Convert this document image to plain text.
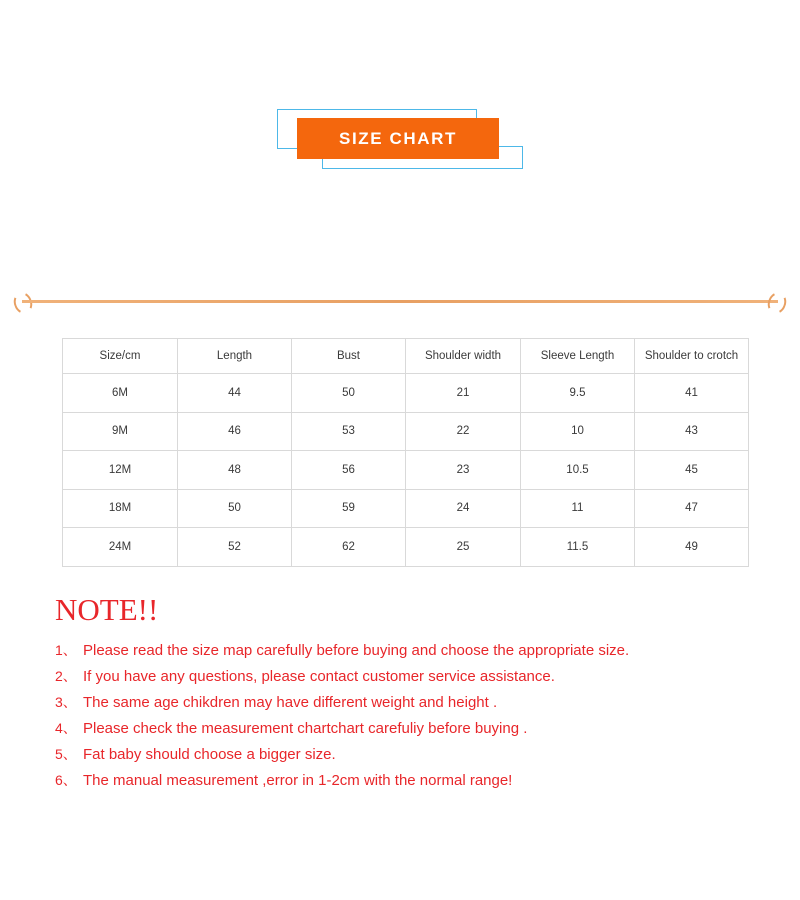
SIZE CHART
Size/cm	Length	Bust	Shoulder width	Sleeve Length	Shoulder to crotch
6M	44	50	21	9.5	41
9M	46	53	22	10	43
12M	48	56	23	10.5	45
18M	50	59	24	11	47
24M	52	62	25	11.5	49
NOTE!!
1、 Please read the size map carefully before buying and choose the appropriate size.
2、 If you have any questions, please contact customer service assistance.
3、 The same age chikdren may have different weight and height .
4、 Please check the measurement chartchart carefuliy before buying .
5、 Fat baby should choose a bigger size.
6、 The manual measurement ,error in 1-2cm with the normal range!
